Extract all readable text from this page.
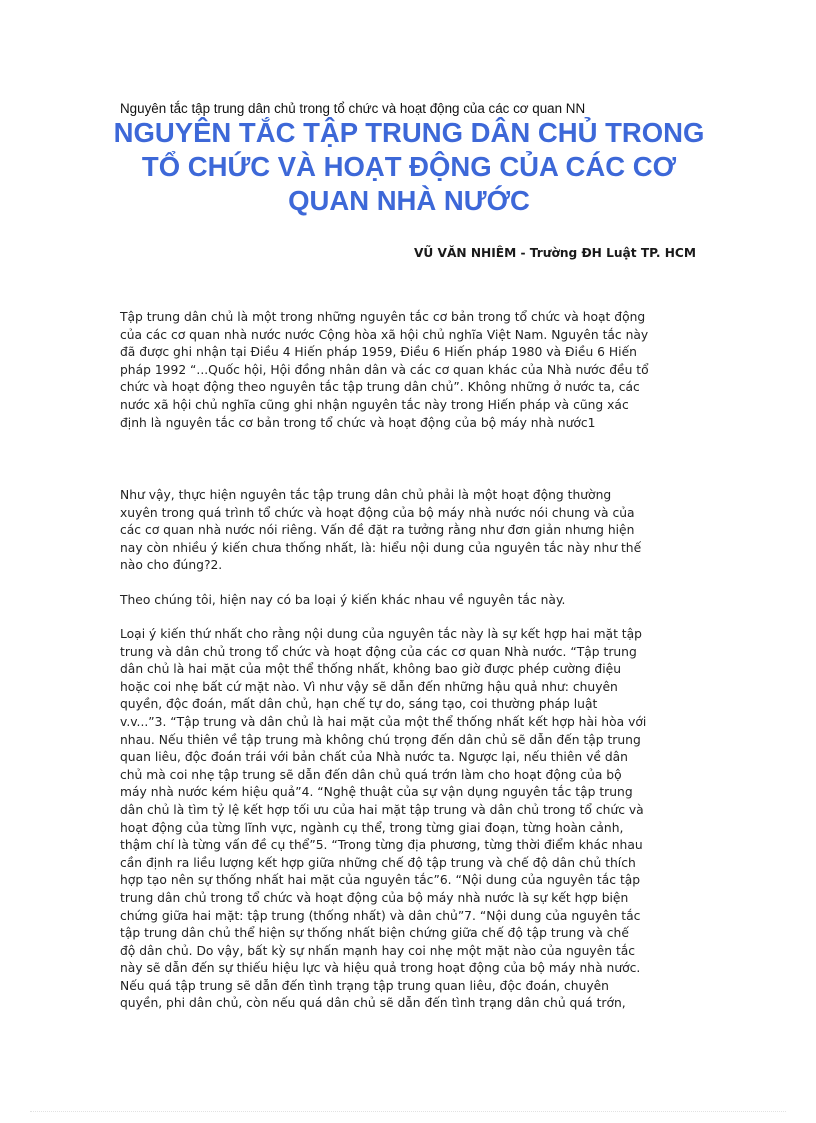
Nguyên tắc tập trung dân chủ trong tổ chức và hoạt động của các cơ quan NN
NGUYÊN TẮC TẬP TRUNG DÂN CHỦ TRONG
TỔ CHỨC VÀ HOẠT ĐỘNG CỦA CÁC CƠ
QUAN NHÀ NƯỚC
VŨ VĂN NHIÊM - Trường ĐH Luật TP. HCM
Tập trung dân chủ là một trong những nguyên tắc cơ bản trong tổ chức và hoạt động
của các cơ quan nhà nước nước Cộng hòa xã hội chủ nghĩa Việt Nam. Nguyên tắc này
đã được ghi nhận tại Điều 4 Hiến pháp 1959, Điều 6 Hiến pháp 1980 và Điều 6 Hiến
pháp 1992 “...Quốc hội, Hội đồng nhân dân và các cơ quan khác của Nhà nước đều tổ
chức và hoạt động theo nguyên tắc tập trung dân chủ”. Không những ở nước ta, các
nước xã hội chủ nghĩa cũng ghi nhận nguyên tắc này trong Hiến pháp và cũng xác
định là nguyên tắc cơ bản trong tổ chức và hoạt động của bộ máy nhà nước1
Như vậy, thực hiện nguyên tắc tập trung dân chủ phải là một hoạt động thường
xuyên trong quá trình tổ chức và hoạt động của bộ máy nhà nước nói chung và của
các cơ quan nhà nước nói riêng. Vấn đề đặt ra tưởng rằng như đơn giản nhưng hiện
nay còn nhiều ý kiến chưa thống nhất, là: hiểu nội dung của nguyên tắc này như thế
nào cho đúng?2.
Theo chúng tôi, hiện nay có ba loại ý kiến khác nhau về nguyên tắc này.
Loại ý kiến thứ nhất cho rằng nội dung của nguyên tắc này là sự kết hợp hai mặt tập
trung và dân chủ trong tổ chức và hoạt động của các cơ quan Nhà nước. “Tập trung
dân chủ là hai mặt của một thể thống nhất, không bao giờ được phép cường điệu
hoặc coi nhẹ bất cứ mặt nào. Vì như vậy sẽ dẫn đến những hậu quả như: chuyên
quyền, độc đoán, mất dân chủ, hạn chế tự do, sáng tạo, coi thường pháp luật
v.v...”3. “Tập trung và dân chủ là hai mặt của một thể thống nhất kết hợp hài hòa với
nhau. Nếu thiên về tập trung mà không chú trọng đến dân chủ sẽ dẫn đến tập trung
quan liêu, độc đoán trái với bản chất của Nhà nước ta. Ngược lại, nếu thiên về dân
chủ mà coi nhẹ tập trung sẽ dẫn đến dân chủ quá trớn làm cho hoạt động của bộ
máy nhà nước kém hiệu quả”4. “Nghệ thuật của sự vận dụng nguyên tắc tập trung
dân chủ là tìm tỷ lệ kết hợp tối ưu của hai mặt tập trung và dân chủ trong tổ chức và
hoạt động của từng lĩnh vực, ngành cụ thể, trong từng giai đoạn, từng hoàn cảnh,
thậm chí là từng vấn đề cụ thể”5. “Trong từng địa phương, từng thời điểm khác nhau
cần định ra liều lượng kết hợp giữa những chế độ tập trung và chế độ dân chủ thích
hợp tạo nên sự thống nhất hai mặt của nguyên tắc”6. “Nội dung của nguyên tắc tập
trung dân chủ trong tổ chức và hoạt động của bộ máy nhà nước là sự kết hợp biện
chứng giữa hai mặt: tập trung (thống nhất) và dân chủ”7. “Nội dung của nguyên tắc
tập trung dân chủ thể hiện sự thống nhất biện chứng giữa chế độ tập trung và chế
độ dân chủ. Do vậy, bất kỳ sự nhấn mạnh hay coi nhẹ một mặt nào của nguyên tắc
này sẽ dẫn đến sự thiếu hiệu lực và hiệu quả trong hoạt động của bộ máy nhà nước.
Nếu quá tập trung sẽ dẫn đến tình trạng tập trung quan liêu, độc đoán, chuyên
quyền, phi dân chủ, còn nếu quá dân chủ sẽ dẫn đến tình trạng dân chủ quá trớn,
